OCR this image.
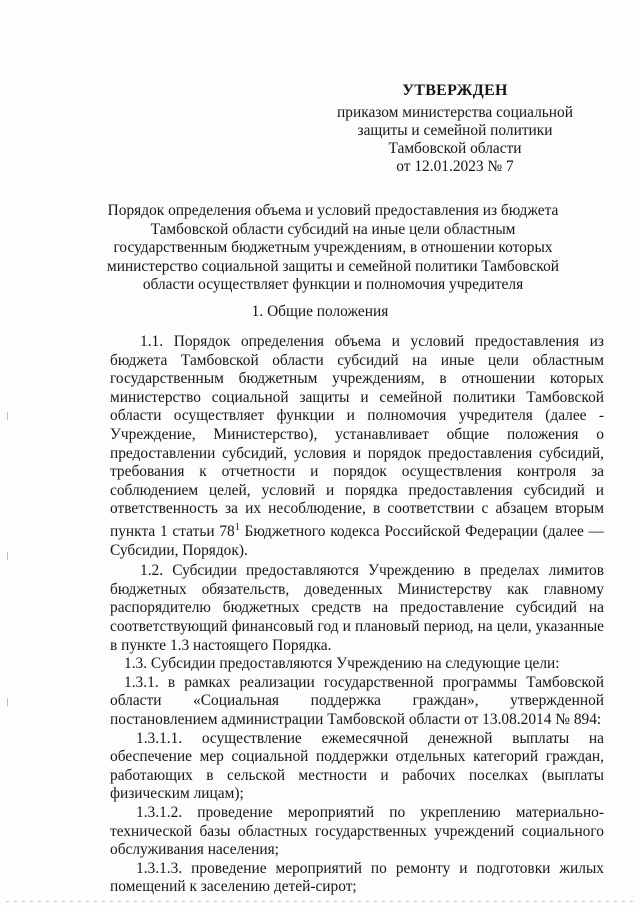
УТВЕРЖДЕН
приказом министерства социальной
защиты и семейной политики
Тамбовской области
от 12.01.2023 № 7
Порядок определения объема и условий предоставления из бюджета Тамбовской области субсидий на иные цели областным государственным бюджетным учреждениям, в отношении которых министерство социальной защиты и семейной политики Тамбовской области осуществляет функции и полномочия учредителя
1. Общие положения

1.1. Порядок определения объема и условий предоставления из бюджета Тамбовской области субсидий на иные цели областным государственным бюджетным учреждениям, в отношении которых министерство социальной защиты и семейной политики Тамбовской области осуществляет функции и полномочия учредителя (далее - Учреждение, Министерство), устанавливает общие положения о предоставлении субсидий, условия и порядок предоставления субсидий, требования к отчетности и порядок осуществления контроля за соблюдением целей, условий и порядка предоставления субсидий и ответственность за их несоблюдение, в соответствии с абзацем вторым пункта 1 статьи $78^1$ Бюджетного кодекса Российской Федерации (далее — Субсидии, Порядок).

1.2. Субсидии предоставляются Учреждению в пределах лимитов бюджетных обязательств, доведенных Министерству как главному распорядителю бюджетных средств на предоставление субсидий на соответствующий финансовый год и плановый период, на цели, указанные в пункте 1.3 настоящего Порядка.

1.3. Субсидии предоставляются Учреждению на следующие цели:

1.3.1. в рамках реализации государственной программы Тамбовской области «Социальная поддержка граждан», утвержденной постановлением администрации Тамбовской области от 13.08.2014 № 894:

1.3.1.1. осуществление ежемесячной денежной выплаты на обеспечение мер социальной поддержки отдельных категорий граждан, работающих в сельской местности и рабочих поселках (выплаты физическим лицам);

1.3.1.2. проведение мероприятий по укреплению материально-технической базы областных государственных учреждений социального обслуживания населения;

1.3.1.3. проведение мероприятий по ремонту и подготовки жилых помещений к заселению детей-сирот;
